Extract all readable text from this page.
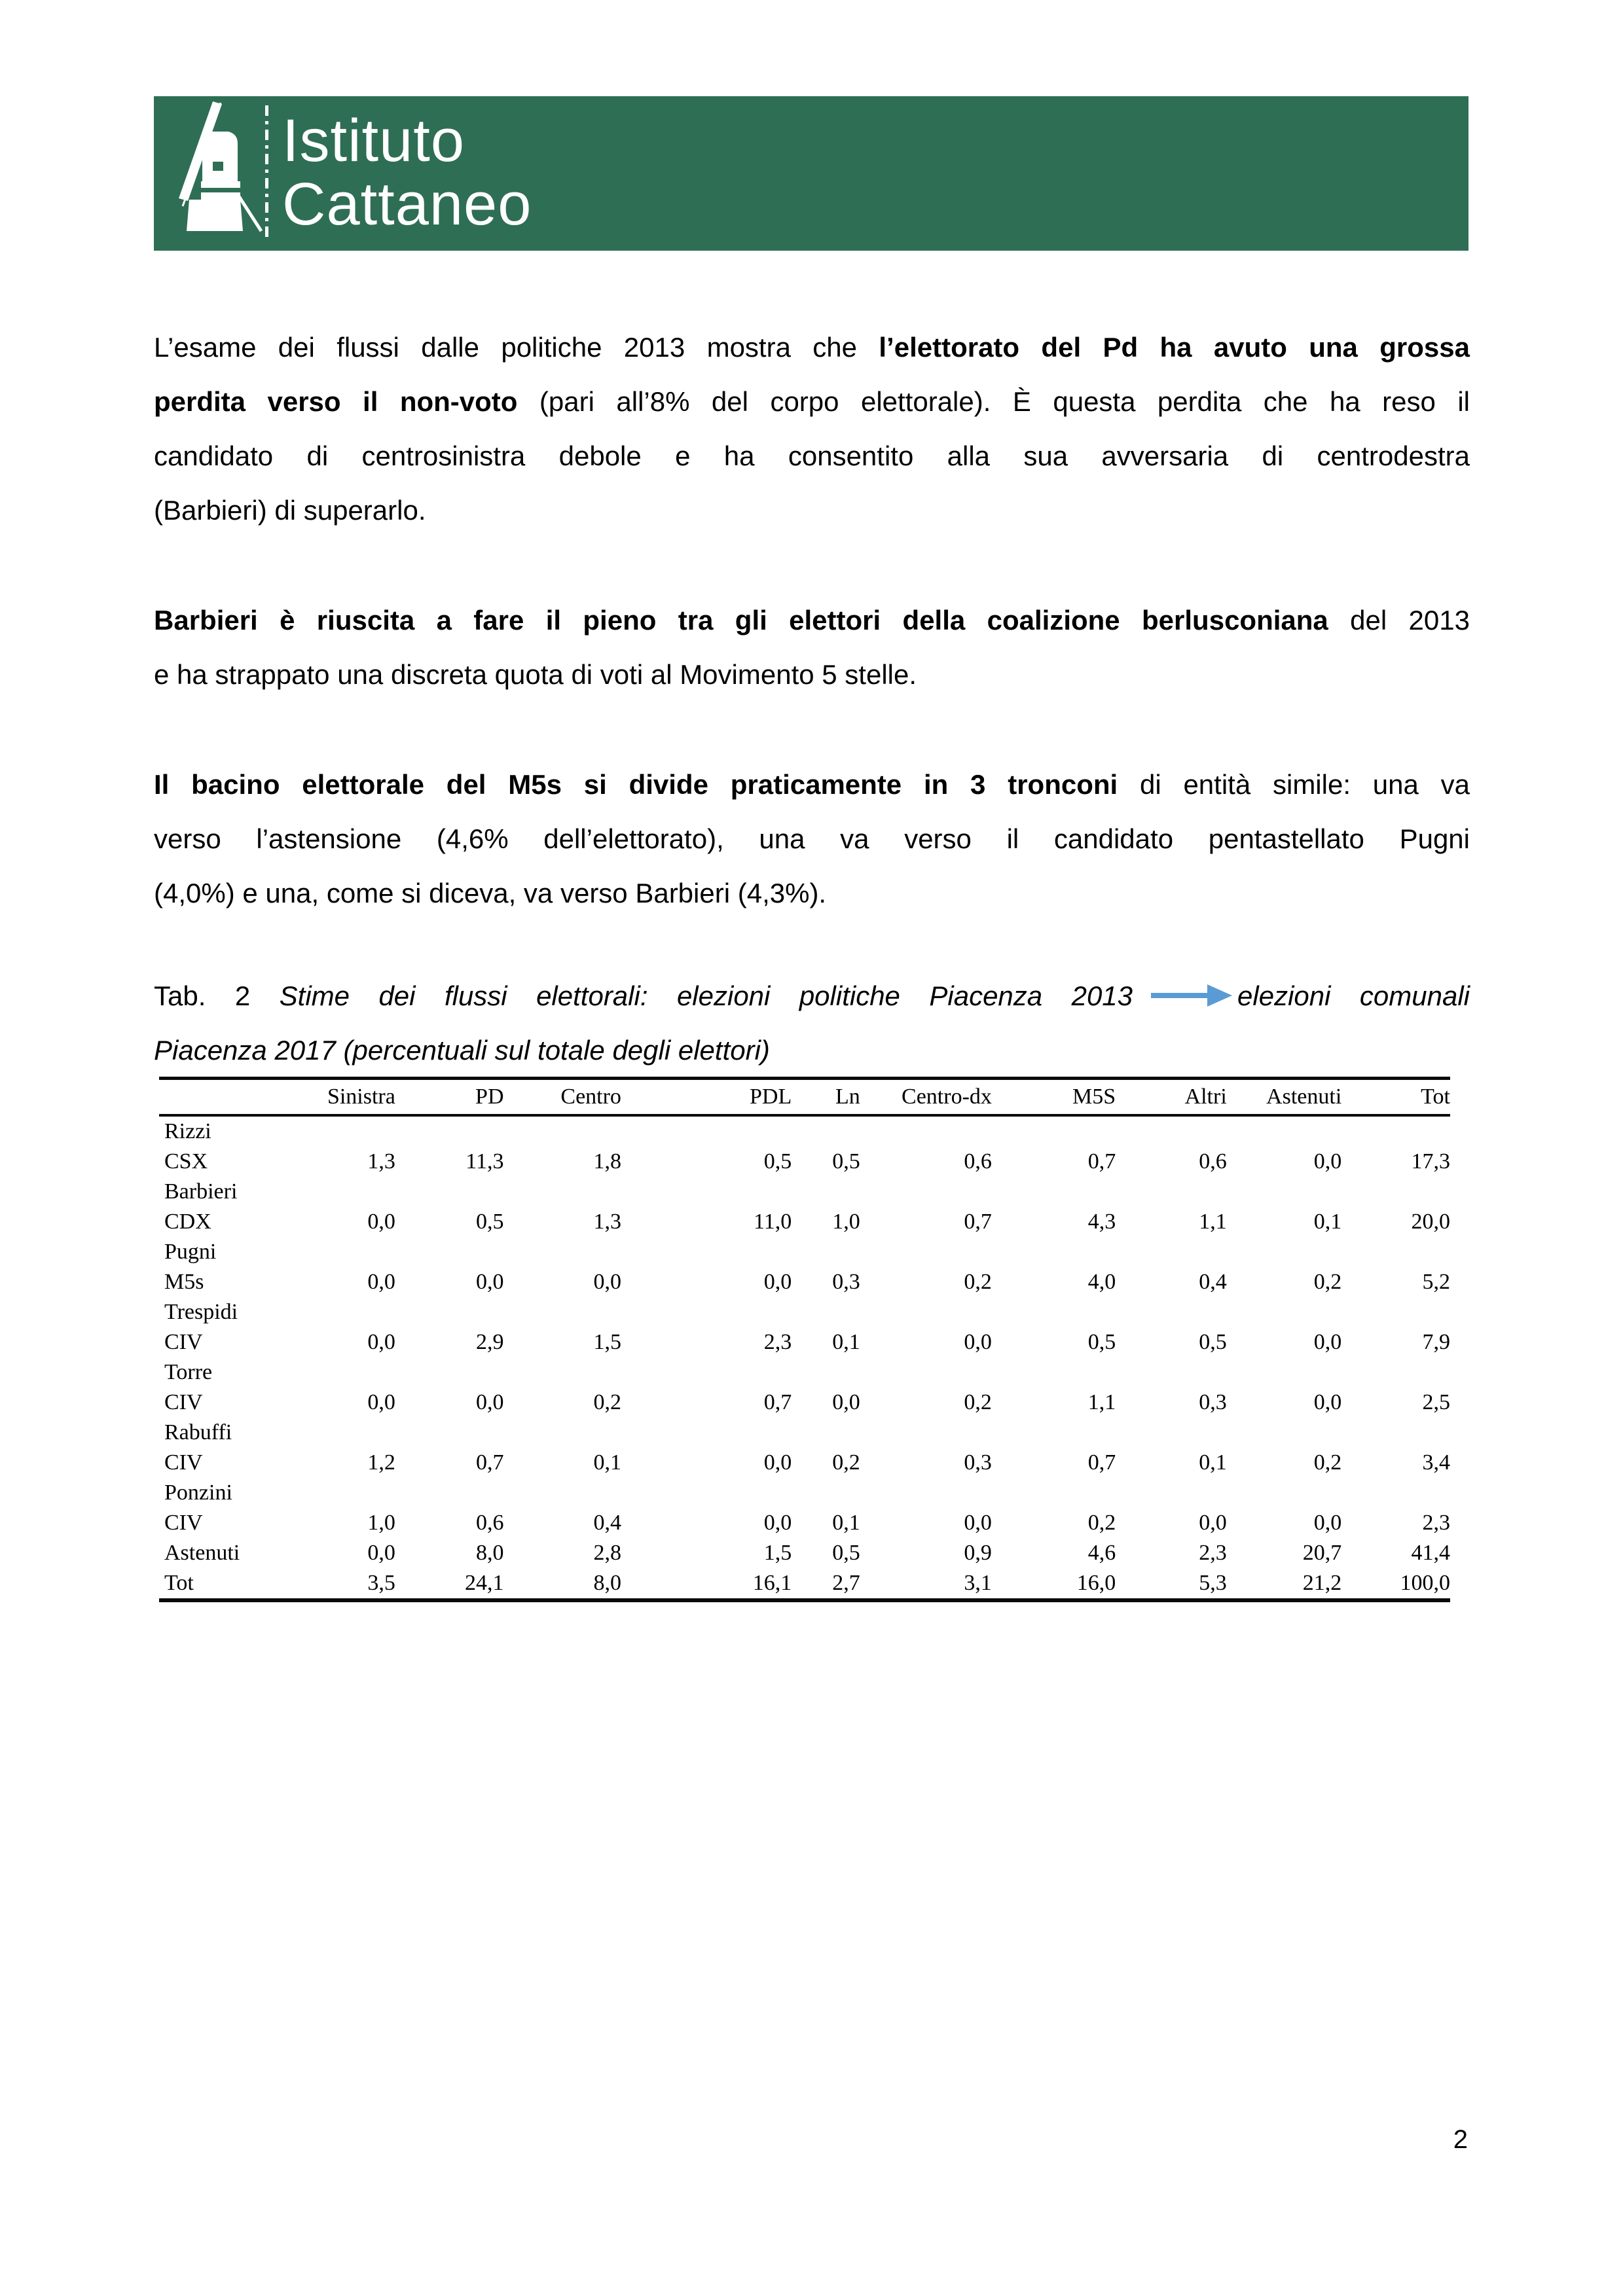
Istituto
Cattaneo
L’esame dei flussi dalle politiche 2013 mostra che l’elettorato del Pd ha avuto una grossa
perdita verso il non-voto (pari all’8% del corpo elettorale). È questa perdita che ha reso il
candidato di centrosinistra debole e ha consentito alla sua avversaria di centrodestra
(Barbieri) di superarlo.
Barbieri è riuscita a fare il pieno tra gli elettori della coalizione berlusconiana del 2013
e ha strappato una discreta quota di voti al Movimento 5 stelle.
Il bacino elettorale del M5s si divide praticamente in 3 tronconi di entità simile: una va
verso l’astensione (4,6% dell’elettorato), una va verso il candidato pentastellato Pugni
(4,0%) e una, come si diceva, va verso Barbieri (4,3%).
Tab. 2 Stime dei flussi elettorali: elezioni politiche Piacenza 2013	elezioni comunali
Piacenza 2017 (percentuali sul totale degli elettori)
	Sinistra	PD	Centro	PDL	Ln	Centro-dx	M5S	Altri	Astenuti	Tot
Rizzi										
CSX	1,3	11,3	1,8	0,5	0,5	0,6	0,7	0,6	0,0	17,3
Barbieri										
CDX	0,0	0,5	1,3	11,0	1,0	0,7	4,3	1,1	0,1	20,0
Pugni										
M5s	0,0	0,0	0,0	0,0	0,3	0,2	4,0	0,4	0,2	5,2
Trespidi										
CIV	0,0	2,9	1,5	2,3	0,1	0,0	0,5	0,5	0,0	7,9
Torre										
CIV	0,0	0,0	0,2	0,7	0,0	0,2	1,1	0,3	0,0	2,5
Rabuffi										
CIV	1,2	0,7	0,1	0,0	0,2	0,3	0,7	0,1	0,2	3,4
Ponzini										
CIV	1,0	0,6	0,4	0,0	0,1	0,0	0,2	0,0	0,0	2,3
Astenuti	0,0	8,0	2,8	1,5	0,5	0,9	4,6	2,3	20,7	41,4
Tot	3,5	24,1	8,0	16,1	2,7	3,1	16,0	5,3	21,2	100,0
2
